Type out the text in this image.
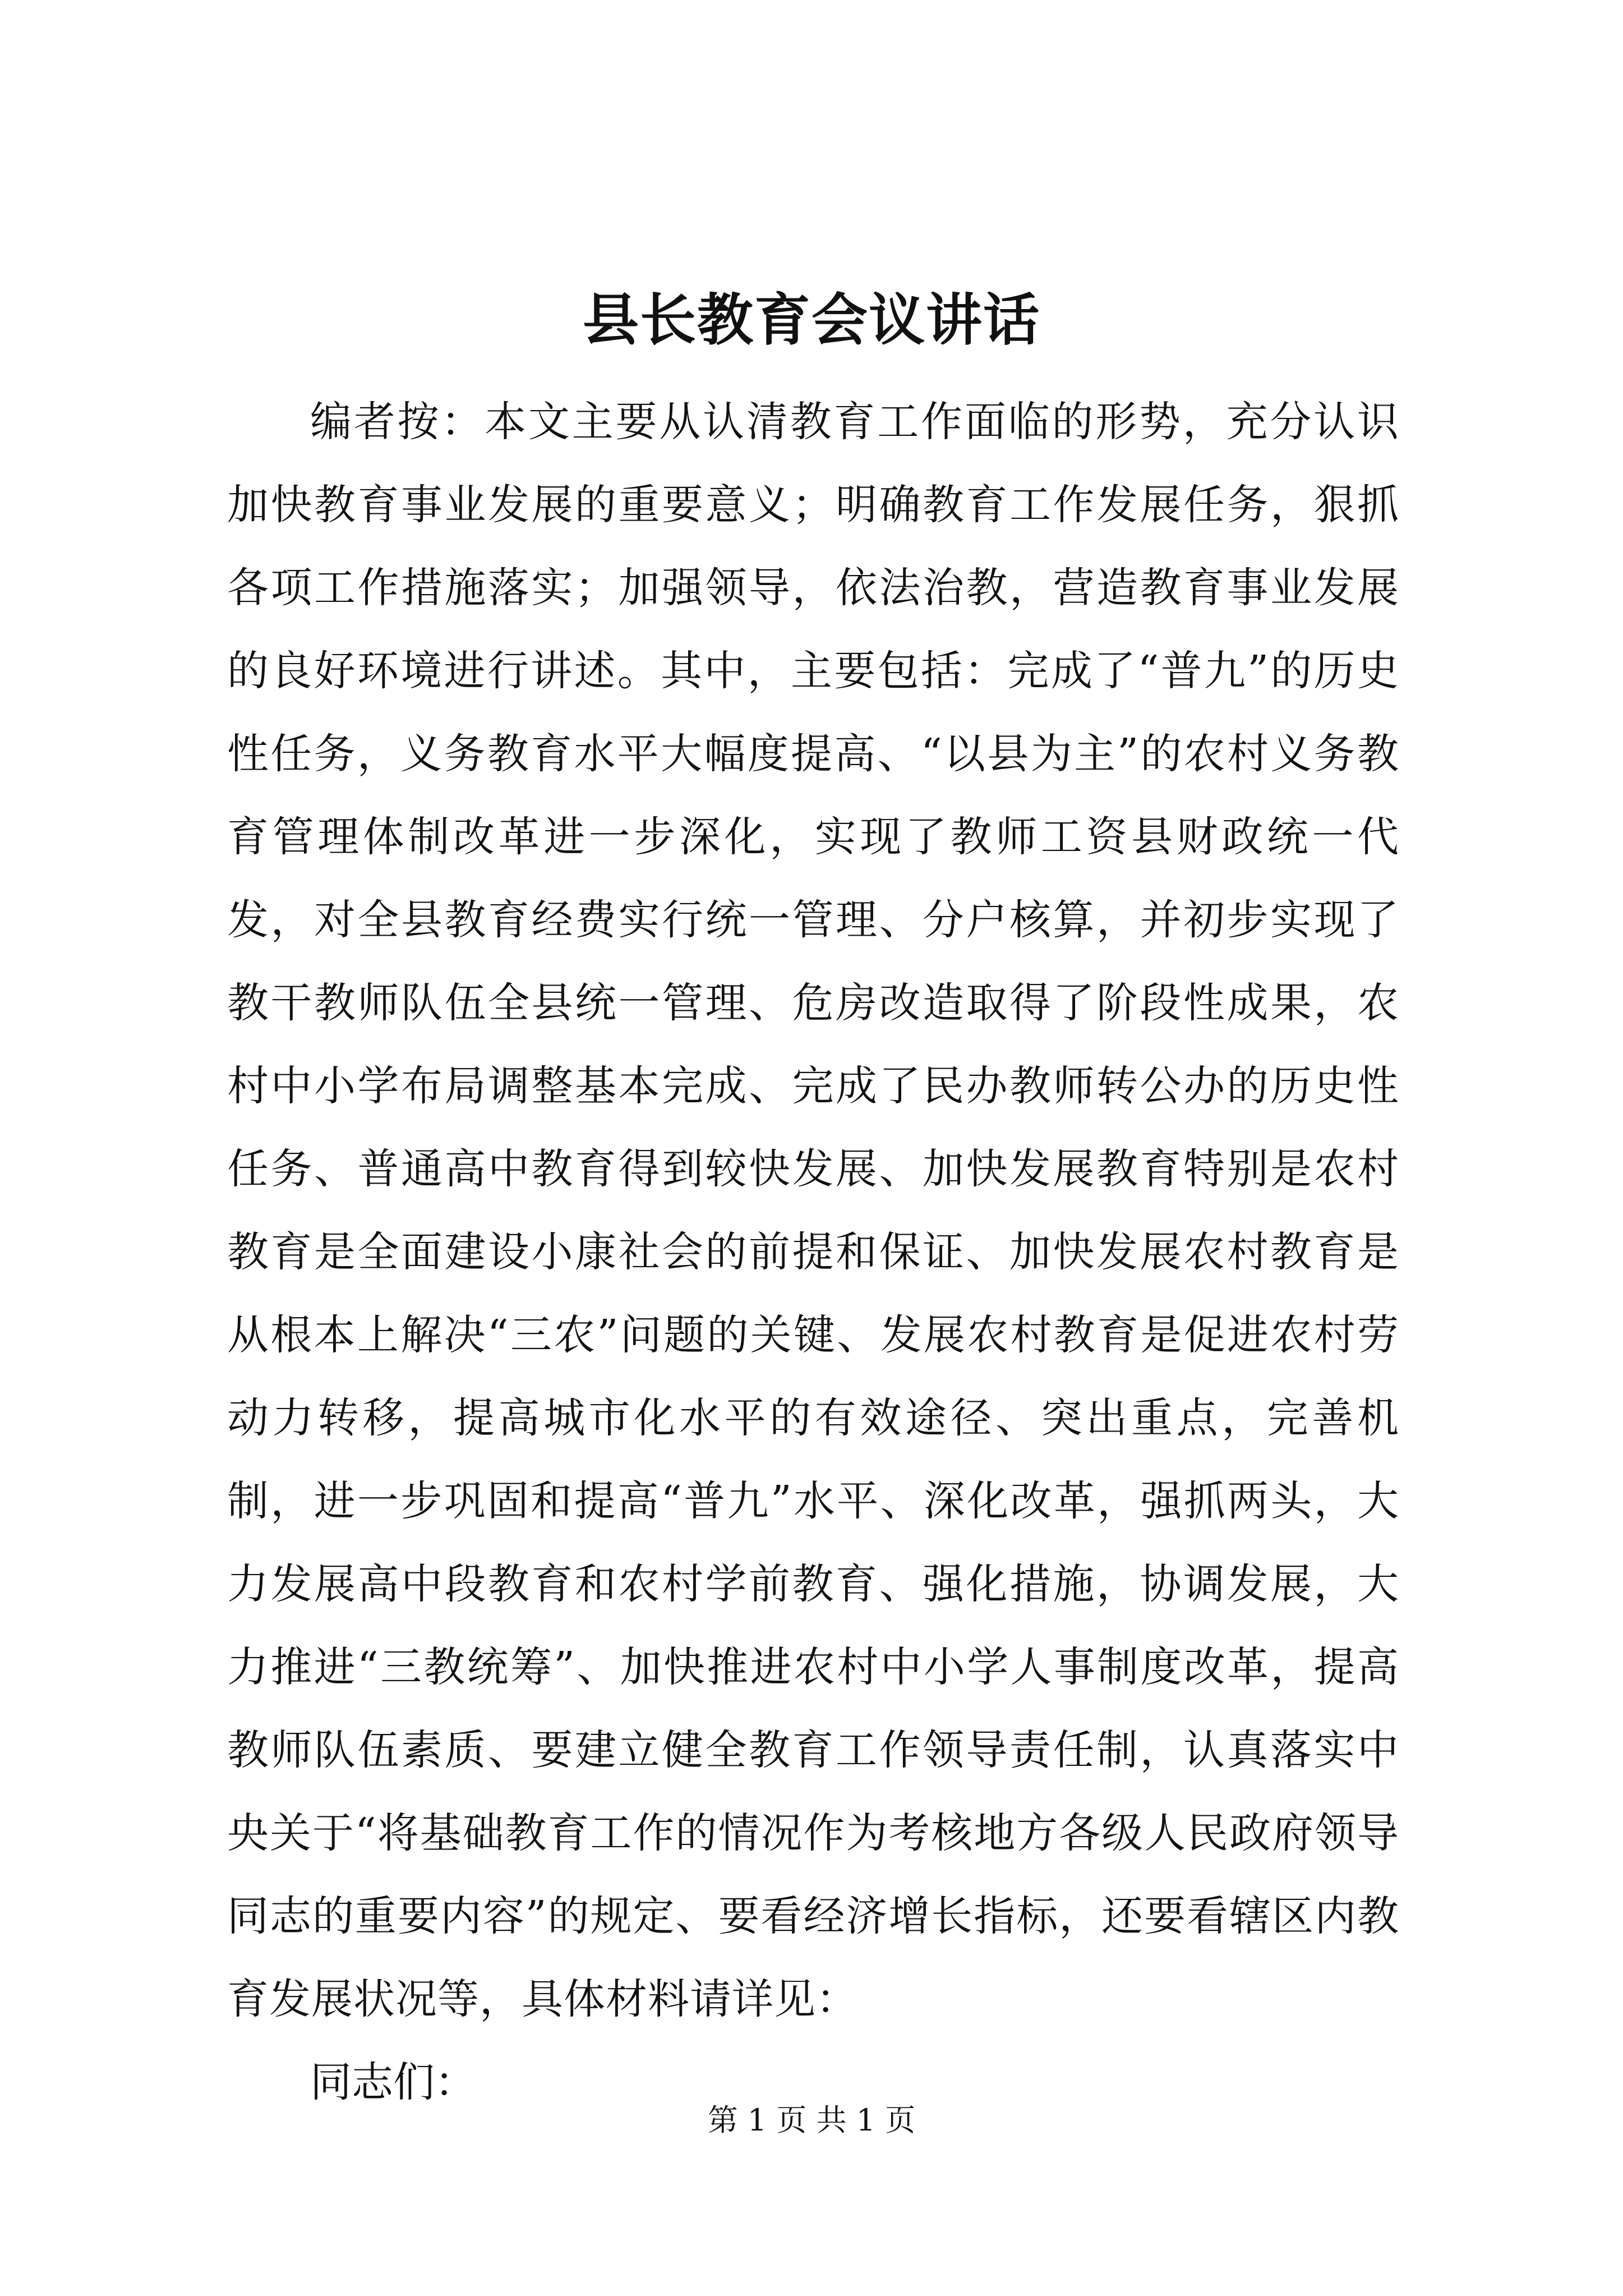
县长教育会议讲话

编者按：本文主要从认清教育工作面临的形势，充分认识加快教育事业发展的重要意义；明确教育工作发展任务，狠抓各项工作措施落实；加强领导，依法治教，营造教育事业发展的良好环境进行讲述。其中，主要包括：完成了“普九”的历史性任务，义务教育水平大幅度提高、“以县为主”的农村义务教育管理体制改革进一步深化，实现了教师工资县财政统一代发，对全县教育经费实行统一管理、分户核算，并初步实现了教干教师队伍全县统一管理、危房改造取得了阶段性成果，农村中小学布局调整基本完成、完成了民办教师转公办的历史性任务、普通高中教育得到较快发展、加快发展教育特别是农村教育是全面建设小康社会的前提和保证、加快发展农村教育是从根本上解决“三农”问题的关键、发展农村教育是促进农村劳动力转移，提高城市化水平的有效途径、突出重点，完善机制，进一步巩固和提高“普九”水平、深化改革，强抓两头，大力发展高中段教育和农村学前教育、强化措施，协调发展，大力推进“三教统筹”、加快推进农村中小学人事制度改革，提高教师队伍素质、要建立健全教育工作领导责任制，认真落实中央关于“将基础教育工作的情况作为考核地方各级人民政府领导同志的重要内容”的规定、要看经济增长指标，还要看辖区内教育发展状况等，具体材料请详见：

同志们：

第 1 页 共 1 页
